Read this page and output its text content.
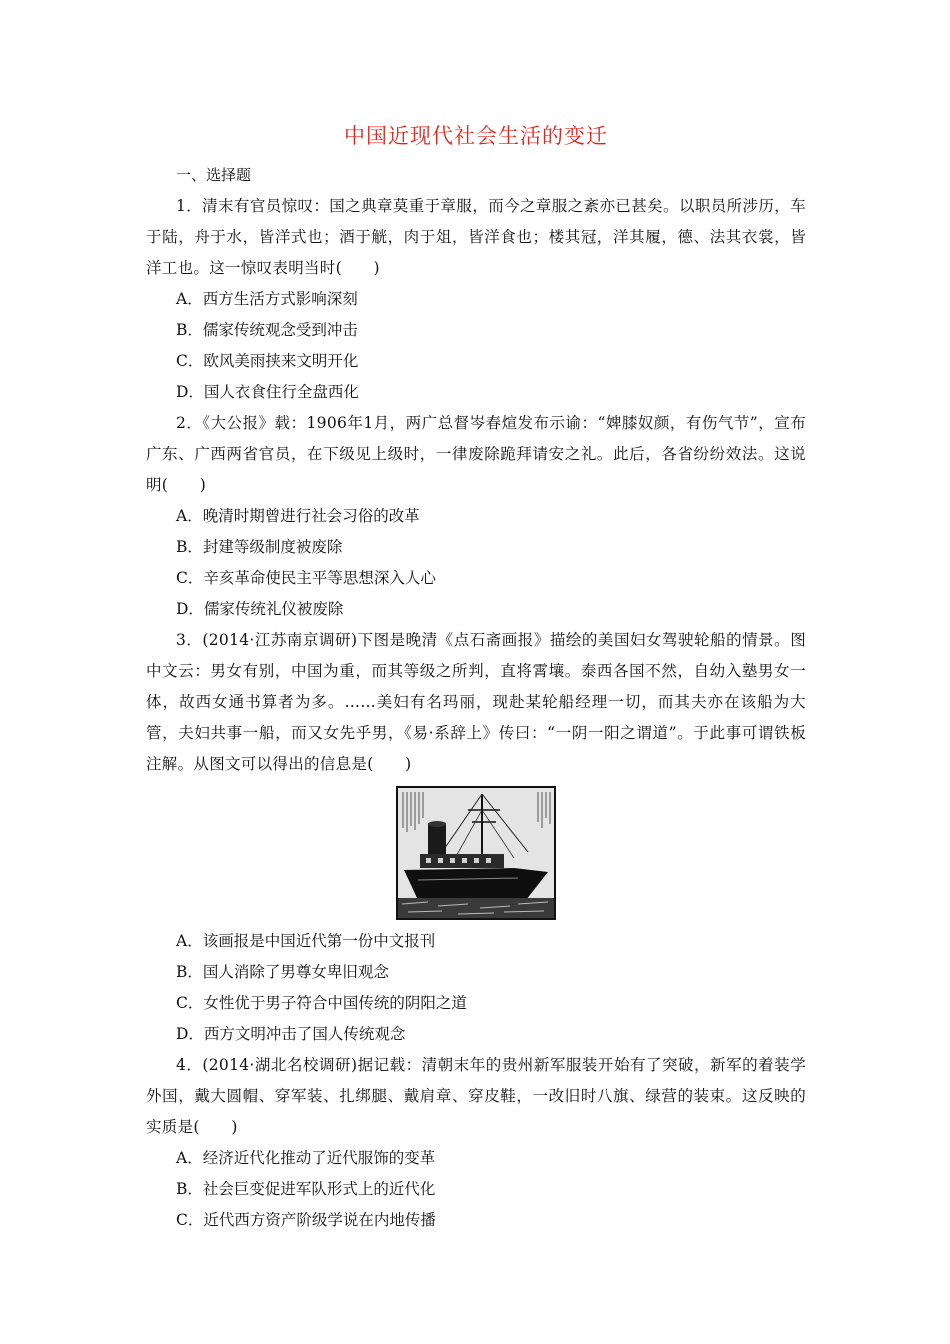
中国近现代社会生活的变迁
一、选择题

1．清末有官员惊叹：国之典章莫重于章服，而今之章服之紊亦已甚矣。以职员所涉历，车于陆，舟于水，皆洋式也；酒于觥，肉于俎，皆洋食也；楼其冠，洋其履，德、法其衣裳，皆洋工也。这一惊叹表明当时(　　)

A．西方生活方式影响深刻

B．儒家传统观念受到冲击

C．欧风美雨挟来文明开化

D．国人衣食住行全盘西化

2．《大公报》载：1906年1月，两广总督岑春煊发布示谕：“婢膝奴颜，有伤气节”，宣布广东、广西两省官员，在下级见上级时，一律废除跪拜请安之礼。此后，各省纷纷效法。这说明(　　)

A．晚清时期曾进行社会习俗的改革

B．封建等级制度被废除

C．辛亥革命使民主平等思想深入人心

D．儒家传统礼仪被废除

3．(2014·江苏南京调研)下图是晚清《点石斋画报》描绘的美国妇女驾驶轮船的情景。图中文云：男女有别，中国为重，而其等级之所判，直将霄壤。泰西各国不然，自幼入塾男女一体，故西女通书算者为多。……美妇有名玛丽，现赴某轮船经理一切，而其夫亦在该船为大管，夫妇共事一船，而又女先乎男，《易·系辞上》传曰：“一阴一阳之谓道”。于此事可谓铁板注解。从图文可以得出的信息是(　　)

A．该画报是中国近代第一份中文报刊

B．国人消除了男尊女卑旧观念

C．女性优于男子符合中国传统的阴阳之道

D．西方文明冲击了国人传统观念

4．(2014·湖北名校调研)据记载：清朝末年的贵州新军服装开始有了突破，新军的着装学外国，戴大圆帽、穿军装、扎绑腿、戴肩章、穿皮鞋，一改旧时八旗、绿营的装束。这反映的实质是(　　)

A．经济近代化推动了近代服饰的变革

B．社会巨变促进军队形式上的近代化

C．近代西方资产阶级学说在内地传播
